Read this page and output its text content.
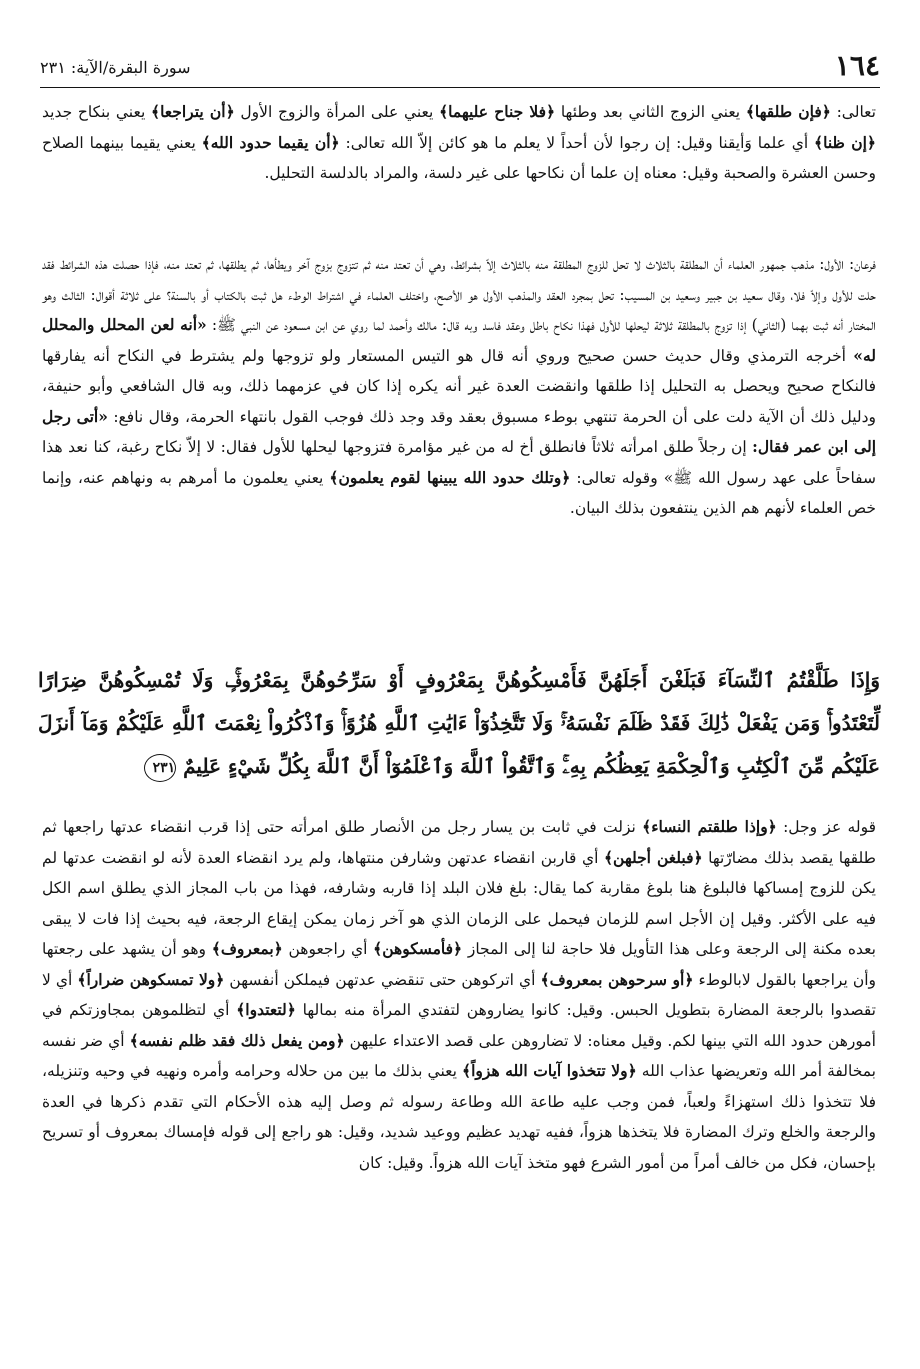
١٦٤
سورة البقرة/الآية: ٢٣١

تعالى: ﴿فإن طلقها﴾ يعني الزوج الثاني بعد وطئها ﴿فلا جناح عليهما﴾ يعني على المرأة والزوج الأول ﴿أن يتراجعا﴾ يعني بنكاح جديد ﴿إن ظنا﴾ أي علما وَأيقنا وقيل: إن رجوا لأن أحداً لا يعلم ما هو كائن إلاّ الله تعالى: ﴿أن يقيما حدود الله﴾ يعني يقيما بينهما الصلاح وحسن العشرة والصحبة وقيل: معناه إن علما أن نكاحها على غير دلسة، والمراد بالدلسة التحليل.

فرعان: الأول: مذهب جمهور العلماء أن المطلقة بالثلاث لا تحل للزوج المطلقة منه بالثلاث إلاّ بشرائط، وهي أن تعتد منه ثم تتزوج بزوج آخر ويطأها، ثم يطلقها، ثم تعتد منه، فإذا حصلت هذه الشرائط فقد حلت للأول وإلاّ فلا، وقال سعيد بن جبير وسعيد بن المسيب: تحل بمجرد العقد والمذهب الأول هو الأصح، واختلف العلماء في اشتراط الوطء هل ثبت بالكتاب أو بالسنة؟ على ثلاثة أقوال: الثالث وهو المختار أنه ثبت بهما (الثاني) إذا تزوج بالمطلقة ثلاثة ليحلها للأول فهذا نكاح باطل وعقد فاسد وبه قال: مالك وأحمد لما روي عن ابن مسعود عن النبي ﷺ: «أنه لعن المحلل والمحلل له» أخرجه الترمذي وقال حديث حسن صحيح وروي أنه قال هو التيس المستعار ولو تزوجها ولم يشترط في النكاح أنه يفارقها فالنكاح صحيح ويحصل به التحليل إذا طلقها وانقضت العدة غير أنه يكره إذا كان في عزمهما ذلك، وبه قال الشافعي وأبو حنيفة، ودليل ذلك أن الآية دلت على أن الحرمة تنتهي بوطء مسبوق بعقد وقد وجد ذلك فوجب القول بانتهاء الحرمة، وقال نافع: «أتى رجل إلى ابن عمر فقال: إن رجلاً طلق امرأته ثلاثاً فانطلق أخ له من غير مؤامرة فتزوجها ليحلها للأول فقال: لا إلاّ نكاح رغبة، كنا نعد هذا سفاحاً على عهد رسول الله ﷺ» وقوله تعالى: ﴿وتلك حدود الله يبينها لقوم يعلمون﴾ يعني يعلمون ما أمرهم به ونهاهم عنه، وإنما خص العلماء لأنهم هم الذين ينتفعون بذلك البيان.

وَإِذَا طَلَّقْتُمُ ٱلنِّسَآءَ فَبَلَغْنَ أَجَلَهُنَّ فَأَمْسِكُوهُنَّ بِمَعْرُوفٍ أَوْ سَرِّحُوهُنَّ بِمَعْرُوفٍۚ وَلَا تُمْسِكُوهُنَّ ضِرَارًا لِّتَعْتَدُواْۚ وَمَن يَفْعَلْ ذَٰلِكَ فَقَدْ ظَلَمَ نَفْسَهُۥۚ وَلَا تَتَّخِذُوٓاْ ءَايَٰتِ ٱللَّهِ هُزُوًاۚ وَٱذْكُرُواْ نِعْمَتَ ٱللَّهِ عَلَيْكُمْ وَمَآ أَنزَلَ عَلَيْكُم مِّنَ ٱلْكِتَٰبِ وَٱلْحِكْمَةِ يَعِظُكُم بِهِۦۚ وَٱتَّقُواْ ٱللَّهَ وَٱعْلَمُوٓاْ أَنَّ ٱللَّهَ بِكُلِّ شَيْءٍ عَلِيمٌ ٢٣١

قوله عز وجل: ﴿وإذا طلقتم النساء﴾ نزلت في ثابت بن يسار رجل من الأنصار طلق امرأته حتى إذا قرب انقضاء عدتها راجعها ثم طلقها يقصد بذلك مضارّتها ﴿فبلغن أجلهن﴾ أي قاربن انقضاء عدتهن وشارفن منتهاها، ولم يرد انقضاء العدة لأنه لو انقضت عدتها لم يكن للزوج إمساكها فالبلوغ هنا بلوغ مقاربة كما يقال: بلغ فلان البلد إذا قاربه وشارفه، فهذا من باب المجاز الذي يطلق اسم الكل فيه على الأكثر. وقيل إن الأجل اسم للزمان فيحمل على الزمان الذي هو آخر زمان يمكن إيقاع الرجعة، فيه بحيث إذا فات لا يبقى بعده مكنة إلى الرجعة وعلى هذا التأويل فلا حاجة لنا إلى المجاز ﴿فأمسكوهن﴾ أي راجعوهن ﴿بمعروف﴾ وهو أن يشهد على رجعتها وأن يراجعها بالقول لابالوطء ﴿أو سرحوهن بمعروف﴾ أي اتركوهن حتى تنقضي عدتهن فيملكن أنفسهن ﴿ولا تمسكوهن ضراراً﴾ أي لا تقصدوا بالرجعة المضارة بتطويل الحبس. وقيل: كانوا يضاروهن لتفتدي المرأة منه بمالها ﴿لتعتدوا﴾ أي لتظلموهن بمجاوزتكم في أمورهن حدود الله التي بينها لكم. وقيل معناه: لا تضاروهن على قصد الاعتداء عليهن ﴿ومن يفعل ذلك فقد ظلم نفسه﴾ أي ضر نفسه بمخالفة أمر الله وتعريضها عذاب الله ﴿ولا تتخذوا آيات الله هزواً﴾ يعني بذلك ما بين من حلاله وحرامه وأمره ونهيه في وحيه وتنزيله، فلا تتخذوا ذلك استهزاءً ولعباً، فمن وجب عليه طاعة الله وطاعة رسوله ثم وصل إليه هذه الأحكام التي تقدم ذكرها في العدة والرجعة والخلع وترك المضارة فلا يتخذها هزواً، ففيه تهديد عظيم ووعيد شديد، وقيل: هو راجع إلى قوله فإمساك بمعروف أو تسريح بإحسان، فكل من خالف أمراً من أمور الشرع فهو متخذ آيات الله هزواً. وقيل: كان
